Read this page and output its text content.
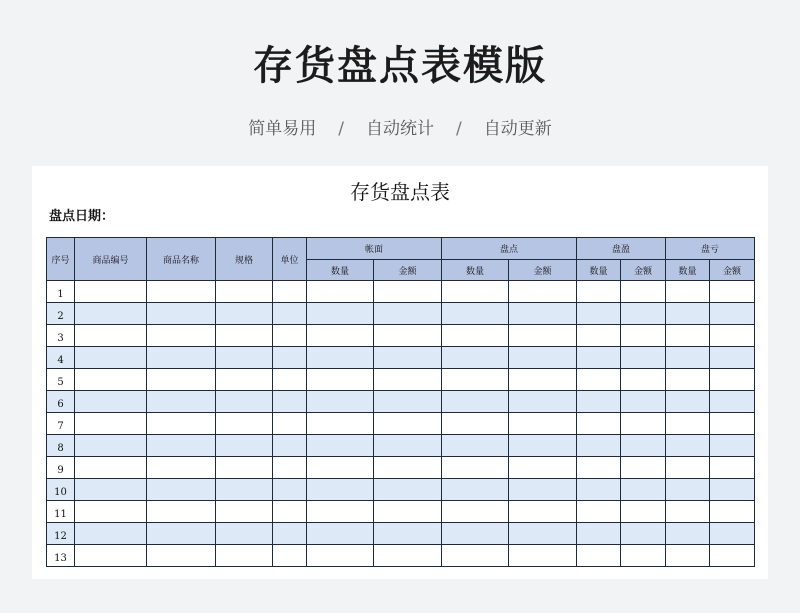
存货盘点表模版
简单易用 / 自动统计 / 自动更新
存货盘点表
盘点日期：
序号	商品编号	商品名称	规格	单位	帐面		盘点		盘盈		盘亏	
					数量	金额	数量	金额	数量	金额	数量	金额
1												
2												
3												
4												
5												
6												
7												
8												
9												
10												
11												
12												
13												
